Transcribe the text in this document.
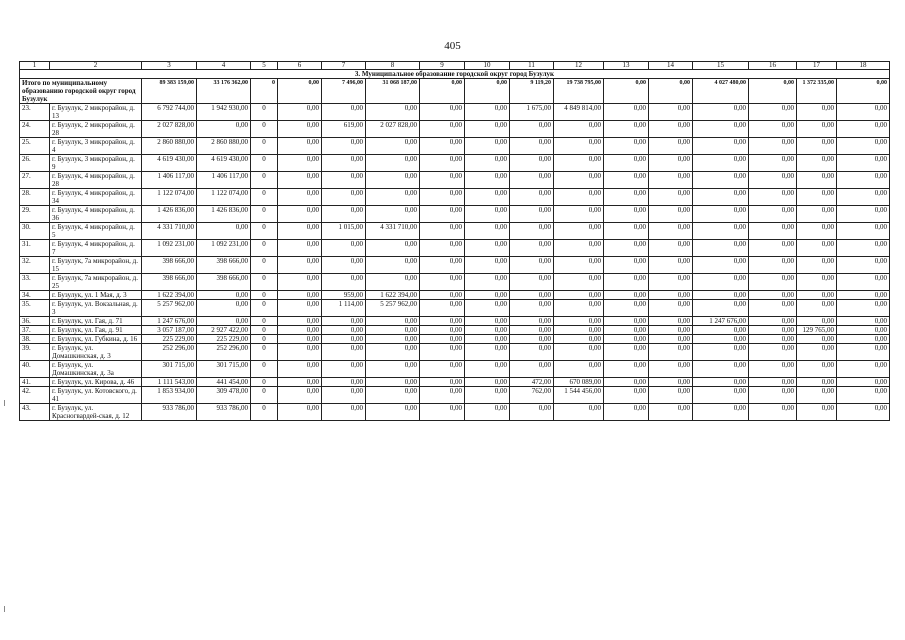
405
1	2	3	4	5	6	7	8	9	10	11	12	13	14	15	16	17	18
3. Муниципальное образование городской округ город Бузулук																	
Итого по муниципальному образованию городской округ город Бузулук		89 383 159,00	33 176 362,00	0	0,00	7 496,00	31 068 187,00	0,00	0,00	9 119,20	19 738 795,00	0,00	0,00	4 027 480,00	0,00	1 372 335,00	0,00
23.	г. Бузулук, 2 микрорайон, д. 13	6 792 744,00	1 942 930,00	0	0,00	0,00	0,00	0,00	0,00	1 675,00	4 849 814,00	0,00	0,00	0,00	0,00	0,00	0,00
24.	г. Бузулук, 2 микрорайон, д. 28	2 027 828,00	0,00	0	0,00	619,00	2 027 828,00	0,00	0,00	0,00	0,00	0,00	0,00	0,00	0,00	0,00	0,00
25.	г. Бузулук, 3 микрорайон, д. 4	2 860 880,00	2 860 880,00	0	0,00	0,00	0,00	0,00	0,00	0,00	0,00	0,00	0,00	0,00	0,00	0,00	0,00
26.	г. Бузулук, 3 микрорайон, д. 9	4 619 430,00	4 619 430,00	0	0,00	0,00	0,00	0,00	0,00	0,00	0,00	0,00	0,00	0,00	0,00	0,00	0,00
27.	г. Бузулук, 4 микрорайон, д. 28	1 406 117,00	1 406 117,00	0	0,00	0,00	0,00	0,00	0,00	0,00	0,00	0,00	0,00	0,00	0,00	0,00	0,00
28.	г. Бузулук, 4 микрорайон, д. 34	1 122 074,00	1 122 074,00	0	0,00	0,00	0,00	0,00	0,00	0,00	0,00	0,00	0,00	0,00	0,00	0,00	0,00
29.	г. Бузулук, 4 микрорайон, д. 36	1 426 836,00	1 426 836,00	0	0,00	0,00	0,00	0,00	0,00	0,00	0,00	0,00	0,00	0,00	0,00	0,00	0,00
30.	г. Бузулук, 4 микрорайон, д. 5	4 331 710,00	0,00	0	0,00	1 015,00	4 331 710,00	0,00	0,00	0,00	0,00	0,00	0,00	0,00	0,00	0,00	0,00
31.	г. Бузулук, 4 микрорайон, д. 7	1 092 231,00	1 092 231,00	0	0,00	0,00	0,00	0,00	0,00	0,00	0,00	0,00	0,00	0,00	0,00	0,00	0,00
32.	г. Бузулук, 7а микрорайон, д. 15	398 666,00	398 666,00	0	0,00	0,00	0,00	0,00	0,00	0,00	0,00	0,00	0,00	0,00	0,00	0,00	0,00
33.	г. Бузулук, 7а микрорайон, д. 25	398 666,00	398 666,00	0	0,00	0,00	0,00	0,00	0,00	0,00	0,00	0,00	0,00	0,00	0,00	0,00	0,00
34.	г. Бузулук, ул. 1 Мая, д. 3	1 622 394,00	0,00	0	0,00	959,00	1 622 394,00	0,00	0,00	0,00	0,00	0,00	0,00	0,00	0,00	0,00	0,00
35.	г. Бузулук, ул. Вокзальная, д. 3	5 257 962,00	0,00	0	0,00	1 114,00	5 257 962,00	0,00	0,00	0,00	0,00	0,00	0,00	0,00	0,00	0,00	0,00
36.	г. Бузулук, ул. Гая, д. 71	1 247 676,00	0,00	0	0,00	0,00	0,00	0,00	0,00	0,00	0,00	0,00	0,00	1 247 676,00	0,00	0,00	0,00
37.	г. Бузулук, ул. Гая, д. 91	3 057 187,00	2 927 422,00	0	0,00	0,00	0,00	0,00	0,00	0,00	0,00	0,00	0,00	0,00	0,00	129 765,00	0,00
38.	г. Бузулук, ул. Губкина, д. 16	225 229,00	225 229,00	0	0,00	0,00	0,00	0,00	0,00	0,00	0,00	0,00	0,00	0,00	0,00	0,00	0,00
39.	г. Бузулук, ул. Домашкинская, д. 3	252 296,00	252 296,00	0	0,00	0,00	0,00	0,00	0,00	0,00	0,00	0,00	0,00	0,00	0,00	0,00	0,00
40.	г. Бузулук, ул. Домашкинская, д. 3а	301 715,00	301 715,00	0	0,00	0,00	0,00	0,00	0,00	0,00	0,00	0,00	0,00	0,00	0,00	0,00	0,00
41.	г. Бузулук, ул. Кирова, д. 46	1 111 543,00	441 454,00	0	0,00	0,00	0,00	0,00	0,00	472,00	670 089,00	0,00	0,00	0,00	0,00	0,00	0,00
42.	г. Бузулук, ул. Котовского, д. 41	1 853 934,00	309 478,00	0	0,00	0,00	0,00	0,00	0,00	762,00	1 544 456,00	0,00	0,00	0,00	0,00	0,00	0,00
43.	г. Бузулук, ул. Красногвардей-ская, д. 12	933 786,00	933 786,00	0	0,00	0,00	0,00	0,00	0,00	0,00	0,00	0,00	0,00	0,00	0,00	0,00	0,00
